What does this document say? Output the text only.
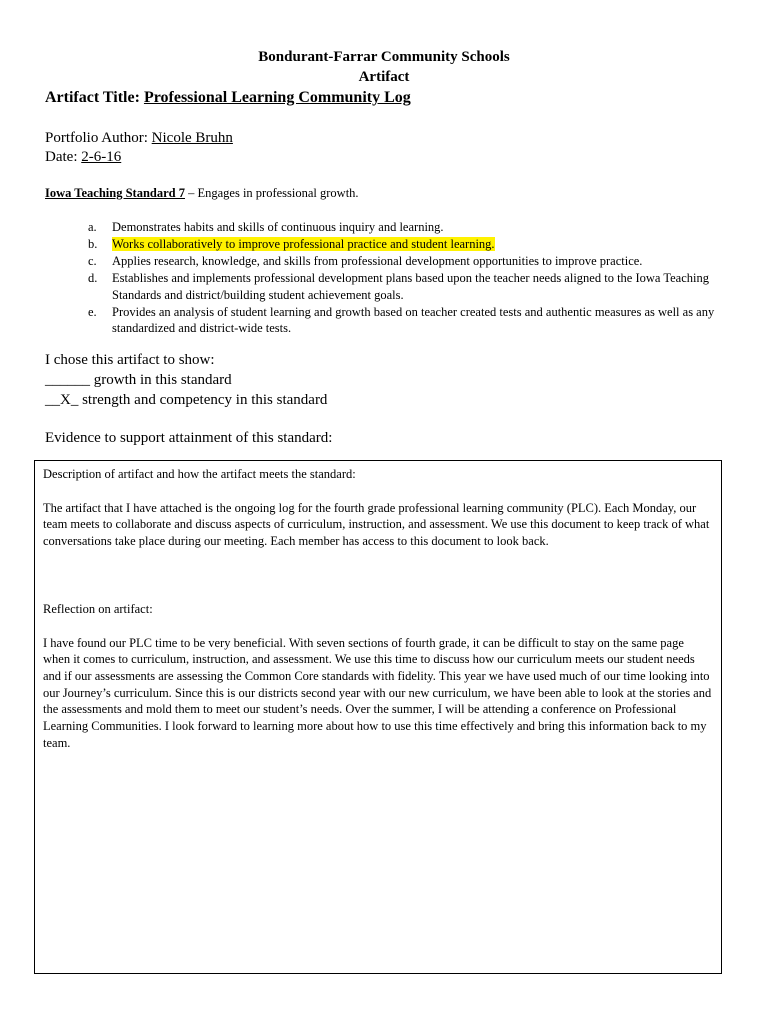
Bondurant-Farrar Community Schools
Artifact
Artifact Title: Professional Learning Community Log
Portfolio Author: Nicole Bruhn
Date: 2-6-16
Iowa Teaching Standard 7 – Engages in professional growth.
a. Demonstrates habits and skills of continuous inquiry and learning.
b. Works collaboratively to improve professional practice and student learning.
c. Applies research, knowledge, and skills from professional development opportunities to improve practice.
d. Establishes and implements professional development plans based upon the teacher needs aligned to the Iowa Teaching Standards and district/building student achievement goals.
e. Provides an analysis of student learning and growth based on teacher created tests and authentic measures as well as any standardized and district-wide tests.
I chose this artifact to show:
______ growth in this standard
__X_ strength and competency in this standard
Evidence to support attainment of this standard:

Description of artifact and how the artifact meets the standard:

The artifact that I have attached is the ongoing log for the fourth grade professional learning community (PLC). Each Monday, our team meets to collaborate and discuss aspects of curriculum, instruction, and assessment. We use this document to keep track of what conversations take place during our meeting. Each member has access to this document to look back.

Reflection on artifact:

I have found our PLC time to be very beneficial. With seven sections of fourth grade, it can be difficult to stay on the same page when it comes to curriculum, instruction, and assessment. We use this time to discuss how our curriculum meets our student needs and if our assessments are assessing the Common Core standards with fidelity. This year we have used much of our time looking into our Journey’s curriculum. Since this is our districts second year with our new curriculum, we have been able to look at the stories and the assessments and mold them to meet our student’s needs. Over the summer, I will be attending a conference on Professional Learning Communities. I look forward to learning more about how to use this time effectively and bring this information back to my team.
